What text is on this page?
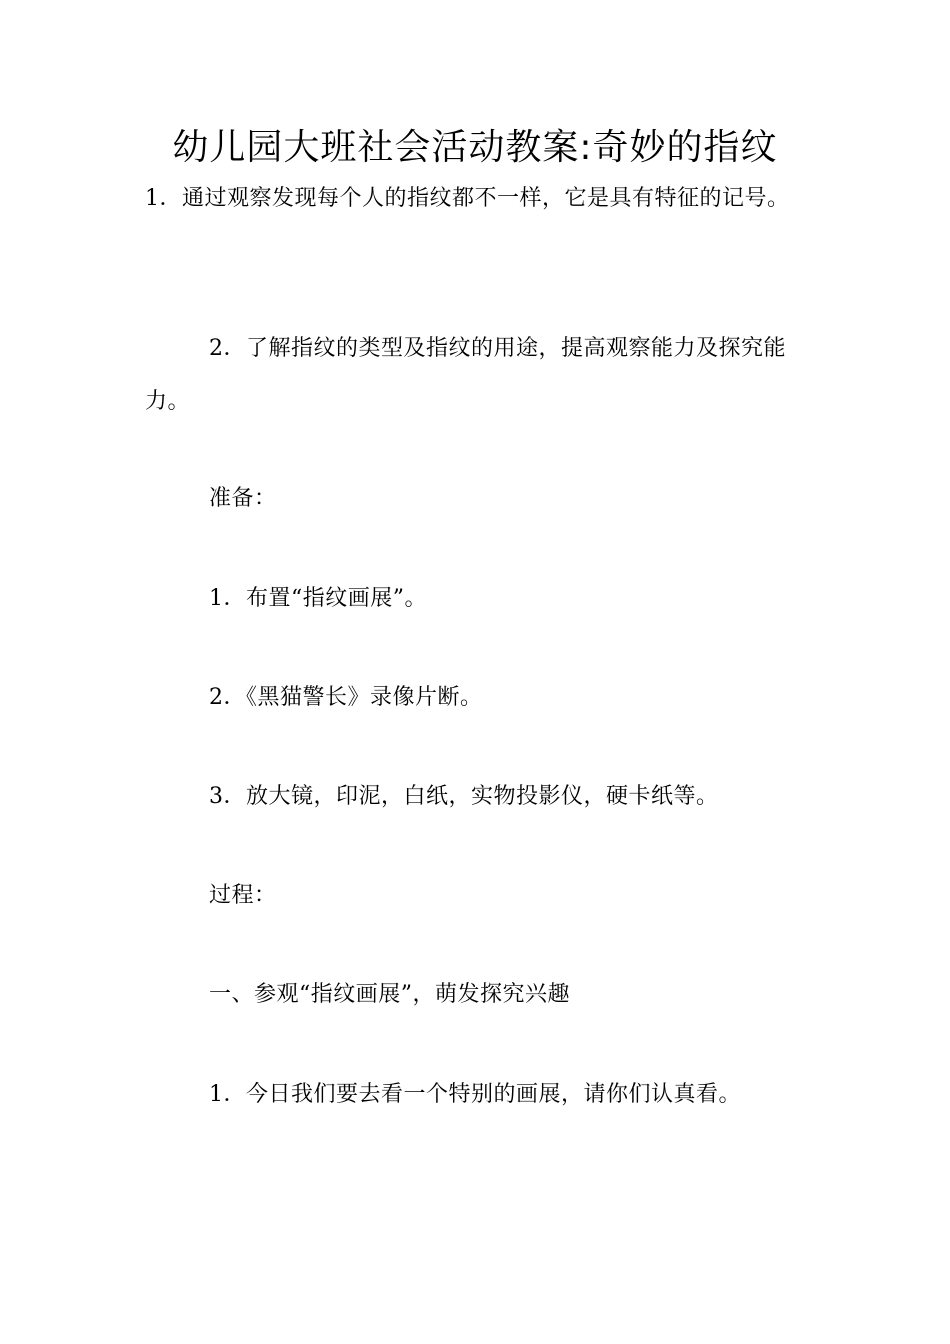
幼儿园大班社会活动教案:奇妙的指纹

1．通过观察发现每个人的指纹都不一样，它是具有特征的记号。

2．了解指纹的类型及指纹的用途，提高观察能力及探究能力。

准备：

1．布置“指纹画展”。

2．《黑猫警长》录像片断。

3．放大镜，印泥，白纸，实物投影仪，硬卡纸等。

过程：

一、参观“指纹画展”，萌发探究兴趣

1．今日我们要去看一个特别的画展，请你们认真看。
